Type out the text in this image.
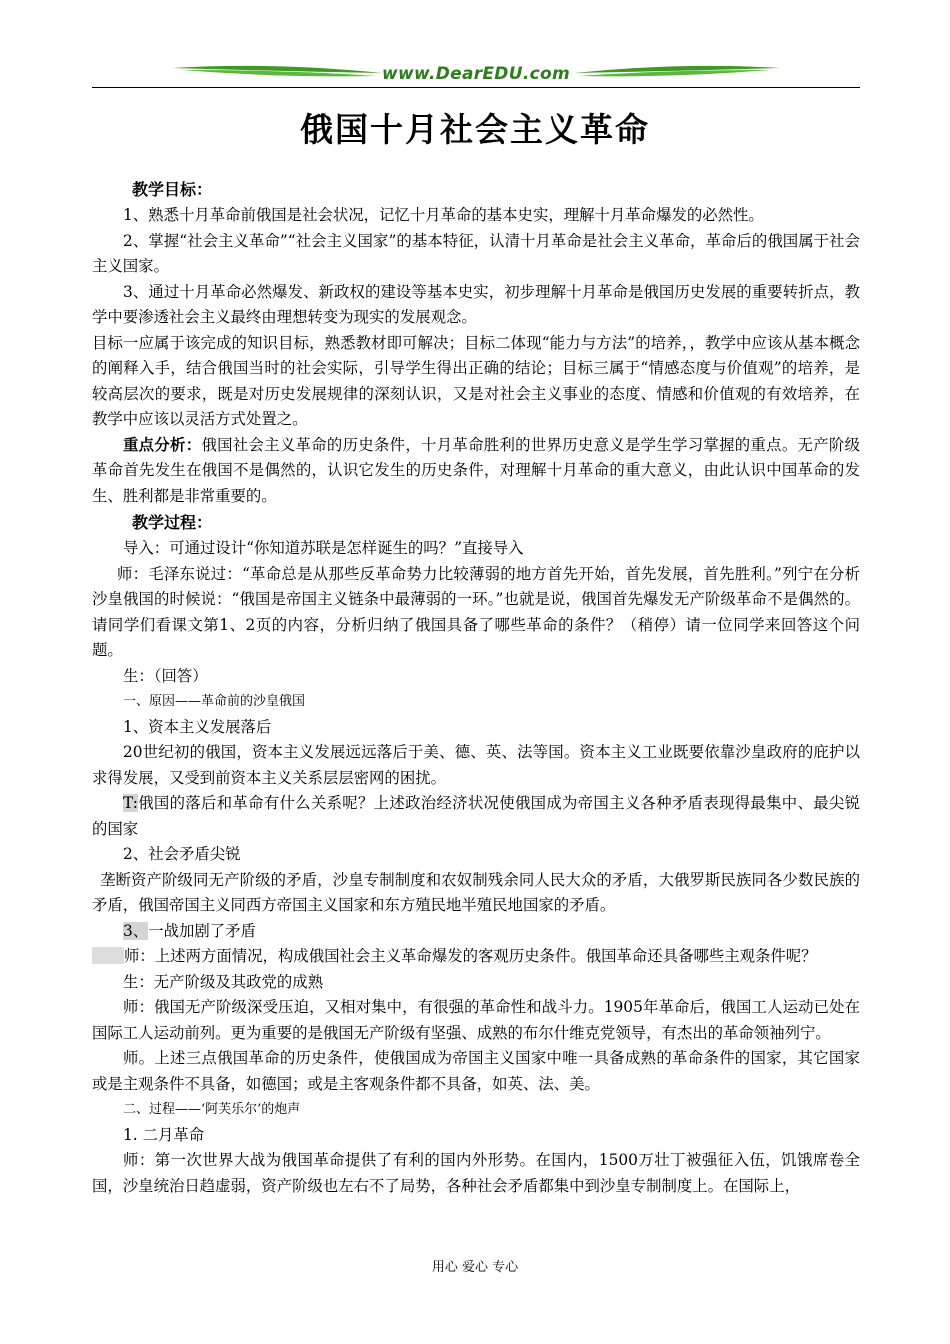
www.DearEDU.com
俄国十月社会主义革命

教学目标：

1、熟悉十月革命前俄国是社会状况，记忆十月革命的基本史实，理解十月革命爆发的必然性。

2、掌握“社会主义革命”“社会主义国家”的基本特征，认清十月革命是社会主义革命，革命后的俄国属于社会主义国家。

3、通过十月革命必然爆发、新政权的建设等基本史实，初步理解十月革命是俄国历史发展的重要转折点，教学中要渗透社会主义最终由理想转变为现实的发展观念。

目标一应属于该完成的知识目标，熟悉教材即可解决；目标二体现“能力与方法”的培养，，教学中应该从基本概念的阐释入手，结合俄国当时的社会实际，引导学生得出正确的结论；目标三属于“情感态度与价值观”的培养，是较高层次的要求，既是对历史发展规律的深刻认识，又是对社会主义事业的态度、情感和价值观的有效培养，在教学中应该以灵活方式处置之。

重点分析：俄国社会主义革命的历史条件，十月革命胜利的世界历史意义是学生学习掌握的重点。无产阶级革命首先发生在俄国不是偶然的，认识它发生的历史条件，对理解十月革命的重大意义，由此认识中国革命的发生、胜利都是非常重要的。

教学过程：

导入：可通过设计“你知道苏联是怎样诞生的吗？”直接导入

师：毛泽东说过：“革命总是从那些反革命势力比较薄弱的地方首先开始，首先发展，首先胜利。”列宁在分析沙皇俄国的时候说：“俄国是帝国主义链条中最薄弱的一环。”也就是说，俄国首先爆发无产阶级革命不是偶然的。请同学们看课文第1、2页的内容，分析归纳了俄国具备了哪些革命的条件？（稍停）请一位同学来回答这个问题。

生：（回答）

一、原因——革命前的沙皇俄国

1、资本主义发展落后

20世纪初的俄国，资本主义发展远远落后于美、德、英、法等国。资本主义工业既要依靠沙皇政府的庇护以求得发展，又受到前资本主义关系层层密网的困扰。

T:俄国的落后和革命有什么关系呢？上述政治经济状况使俄国成为帝国主义各种矛盾表现得最集中、最尖锐的国家

2、社会矛盾尖锐

垄断资产阶级同无产阶级的矛盾，沙皇专制制度和农奴制残余同人民大众的矛盾，大俄罗斯民族同各少数民族的矛盾，俄国帝国主义同西方帝国主义国家和东方殖民地半殖民地国家的矛盾。

3、一战加剧了矛盾

师：上述两方面情况，构成俄国社会主义革命爆发的客观历史条件。俄国革命还具备哪些主观条件呢？

生：无产阶级及其政党的成熟

师：俄国无产阶级深受压迫，又相对集中，有很强的革命性和战斗力。1905年革命后，俄国工人运动已处在国际工人运动前列。更为重要的是俄国无产阶级有坚强、成熟的布尔什维克党领导，有杰出的革命领袖列宁。

师。上述三点俄国革命的历史条件，使俄国成为帝国主义国家中唯一具备成熟的革命条件的国家，其它国家或是主观条件不具备，如德国；或是主客观条件都不具备，如英、法、美。

二、过程——‘阿芙乐尔’的炮声

1. 二月革命

师：第一次世界大战为俄国革命提供了有利的国内外形势。在国内，1500万壮丁被强征入伍，饥饿席卷全国，沙皇统治日趋虚弱，资产阶级也左右不了局势，各种社会矛盾都集中到沙皇专制制度上。在国际上，

用心 爱心 专心
